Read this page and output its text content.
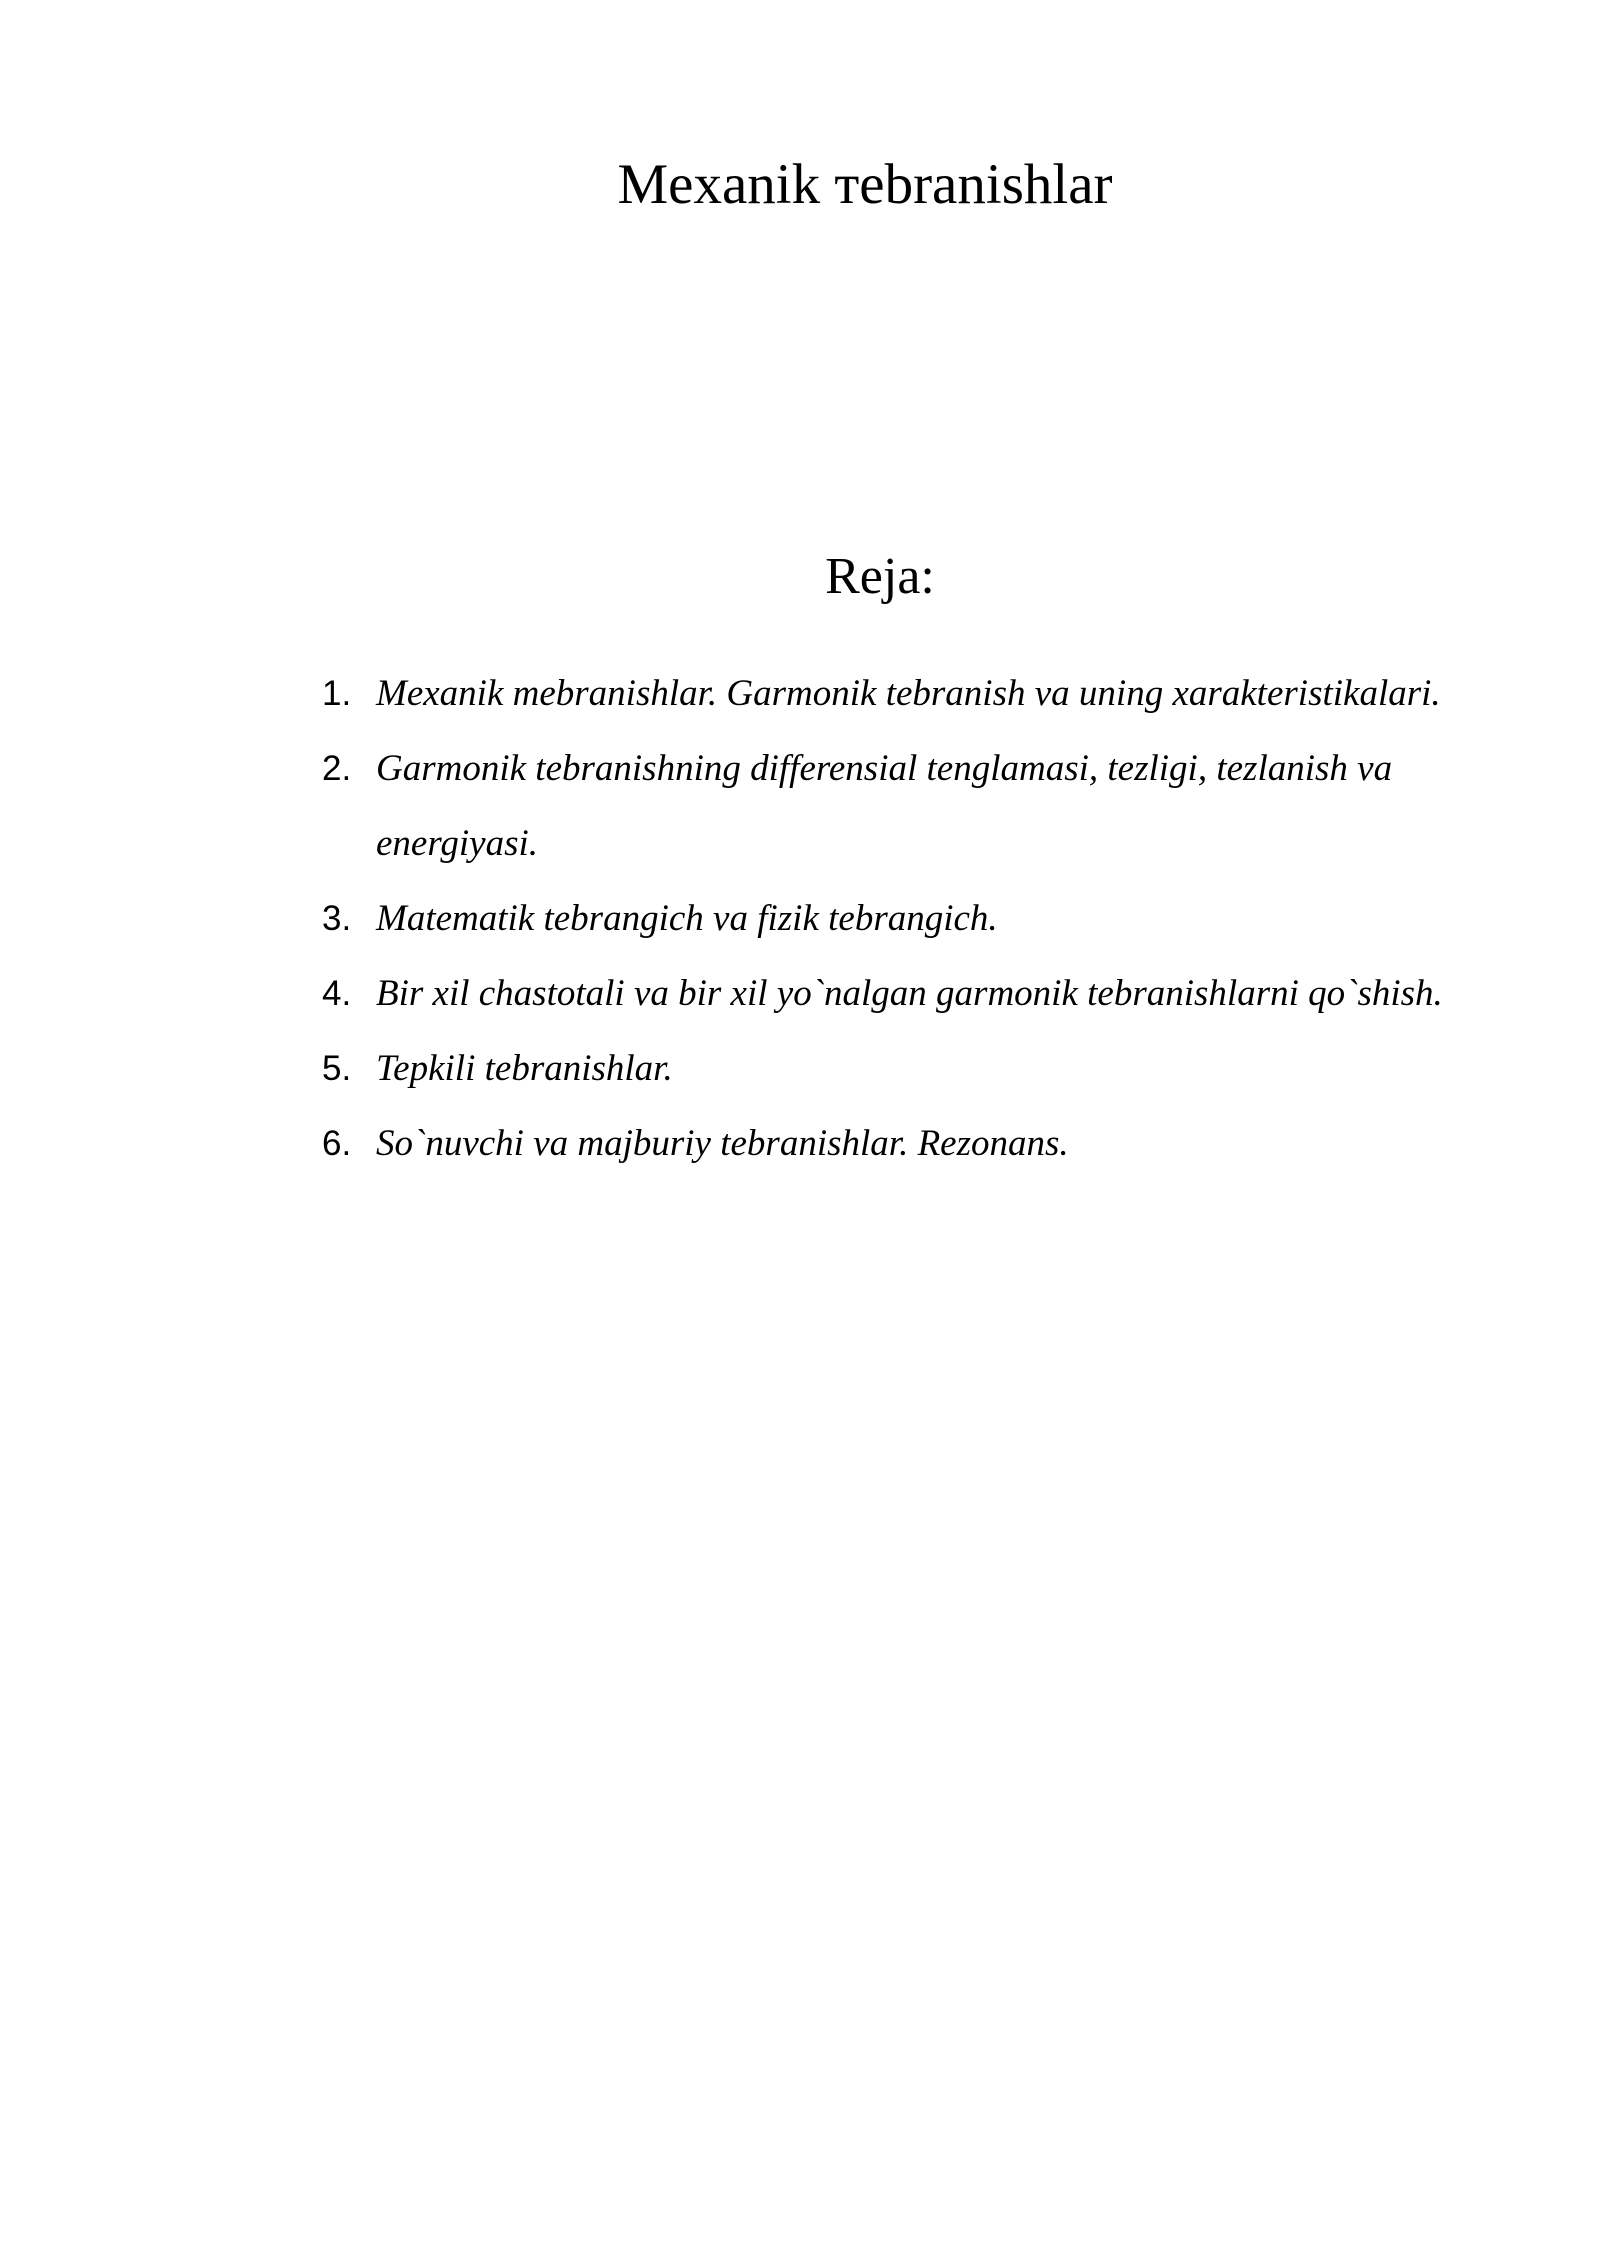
Mexanik тebranishlar
Reja:
1. Mexanik mebranishlar. Garmonik tebranish va uning xarakteristikalari.
2. Garmonik tebranishning differensial tenglamasi, tezligi, tezlanish va energiyasi.
3. Matematik tebrangich va fizik tebrangich.
4. Bir xil chastotali va bir xil yo`nalgan garmonik tebranishlarni qo`shish.
5. Tepkili tebranishlar.
6. So`nuvchi va majburiy tebranishlar. Rezonans.
